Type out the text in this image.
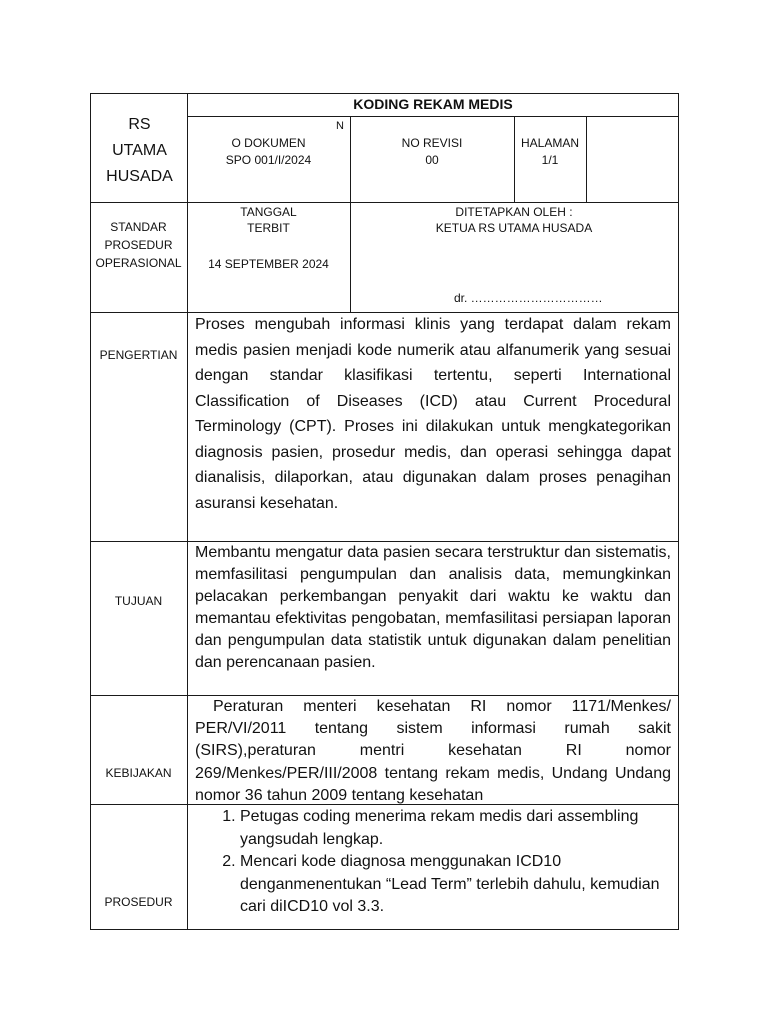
RS
UTAMA
HUSADA
KODING REKAM MEDIS
N
O DOKUMEN
SPO 001/I/2024
NO REVISI
00
HALAMAN
1/1
STANDAR
PROSEDUR
OPERASIONAL
TANGGAL
TERBIT
14 SEPTEMBER 2024
DITETAPKAN OLEH :
KETUA RS UTAMA HUSADA
dr. ……………………………
PENGERTIAN
Proses mengubah informasi klinis yang terdapat dalam rekam medis pasien menjadi kode numerik atau alfanumerik yang sesuai dengan standar klasifikasi tertentu, seperti International Classification of Diseases (ICD) atau Current Procedural Terminology (CPT). Proses ini dilakukan untuk mengkategorikan diagnosis pasien, prosedur medis, dan operasi sehingga dapat dianalisis, dilaporkan, atau digunakan dalam proses penagihan asuransi kesehatan.
TUJUAN
Membantu mengatur data pasien secara terstruktur dan sistematis, memfasilitasi pengumpulan dan analisis data, memungkinkan pelacakan perkembangan penyakit dari waktu ke waktu dan memantau efektivitas pengobatan, memfasilitasi persiapan laporan dan pengumpulan data statistik untuk digunakan dalam penelitian dan perencanaan pasien.
KEBIJAKAN
Peraturan menteri kesehatan RI nomor 1171/Menkes/ PER/VI/2011 tentang sistem informasi rumah sakit (SIRS),peraturan mentri kesehatan RI nomor 269/Menkes/PER/III/2008 tentang rekam medis, Undang Undang nomor 36 tahun 2009 tentang kesehatan
PROSEDUR
1. Petugas coding menerima rekam medis dari assembling yangsudah lengkap.
2. Mencari kode diagnosa menggunakan ICD10 denganmenentukan “Lead Term” terlebih dahulu, kemudian cari diICD10 vol 3.3.
